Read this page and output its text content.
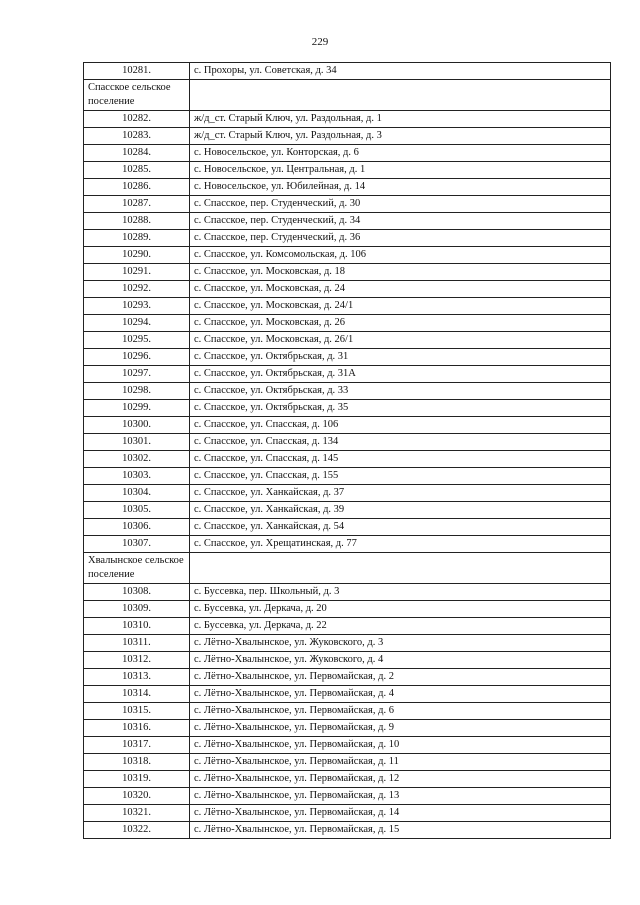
229
10281.	с. Прохоры, ул. Советская, д. 34
Спасское сельское поселение	
10282.	ж/д_ст. Старый Ключ, ул. Раздольная, д. 1
10283.	ж/д_ст. Старый Ключ, ул. Раздольная, д. 3
10284.	с. Новосельское, ул. Конторская, д. 6
10285.	с. Новосельское, ул. Центральная, д. 1
10286.	с. Новосельское, ул. Юбилейная, д. 14
10287.	с. Спасское, пер. Студенческий, д. 30
10288.	с. Спасское, пер. Студенческий, д. 34
10289.	с. Спасское, пер. Студенческий, д. 36
10290.	с. Спасское, ул. Комсомольская, д. 106
10291.	с. Спасское, ул. Московская, д. 18
10292.	с. Спасское, ул. Московская, д. 24
10293.	с. Спасское, ул. Московская, д. 24/1
10294.	с. Спасское, ул. Московская, д. 26
10295.	с. Спасское, ул. Московская, д. 26/1
10296.	с. Спасское, ул. Октябрьская, д. 31
10297.	с. Спасское, ул. Октябрьская, д. 31А
10298.	с. Спасское, ул. Октябрьская, д. 33
10299.	с. Спасское, ул. Октябрьская, д. 35
10300.	с. Спасское, ул. Спасская, д. 106
10301.	с. Спасское, ул. Спасская, д. 134
10302.	с. Спасское, ул. Спасская, д. 145
10303.	с. Спасское, ул. Спасская, д. 155
10304.	с. Спасское, ул. Ханкайская, д. 37
10305.	с. Спасское, ул. Ханкайская, д. 39
10306.	с. Спасское, ул. Ханкайская, д. 54
10307.	с. Спасское, ул. Хрещатинская, д. 77
Хвалынское сельское поселение	
10308.	с. Буссевка, пер. Школьный, д. 3
10309.	с. Буссевка, ул. Деркача, д. 20
10310.	с. Буссевка, ул. Деркача, д. 22
10311.	с. Лётно-Хвалынское, ул. Жуковского, д. 3
10312.	с. Лётно-Хвалынское, ул. Жуковского, д. 4
10313.	с. Лётно-Хвалынское, ул. Первомайская, д. 2
10314.	с. Лётно-Хвалынское, ул. Первомайская, д. 4
10315.	с. Лётно-Хвалынское, ул. Первомайская, д. 6
10316.	с. Лётно-Хвалынское, ул. Первомайская, д. 9
10317.	с. Лётно-Хвалынское, ул. Первомайская, д. 10
10318.	с. Лётно-Хвалынское, ул. Первомайская, д. 11
10319.	с. Лётно-Хвалынское, ул. Первомайская, д. 12
10320.	с. Лётно-Хвалынское, ул. Первомайская, д. 13
10321.	с. Лётно-Хвалынское, ул. Первомайская, д. 14
10322.	с. Лётно-Хвалынское, ул. Первомайская, д. 15
